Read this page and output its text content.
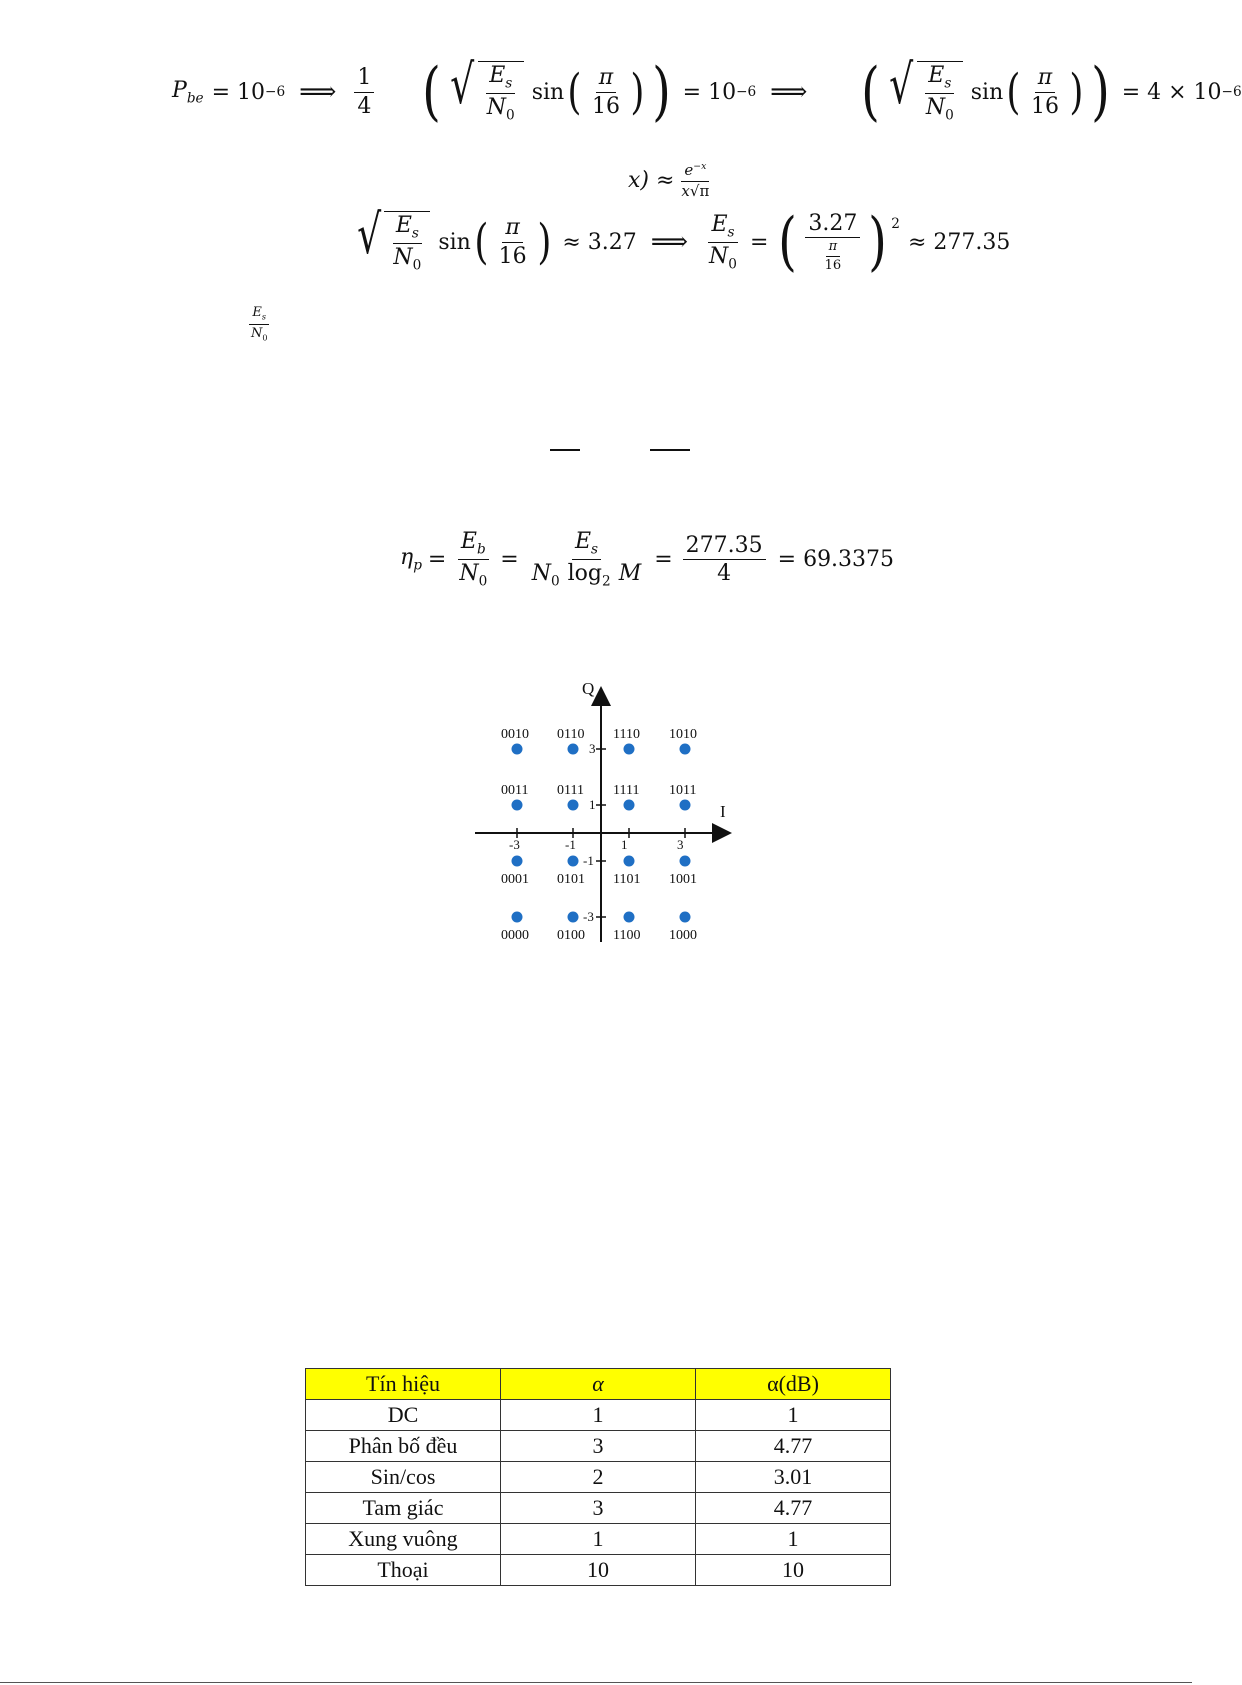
$P_{be} = 10 -6$ ⟹ $\frac{1}{4}$ ( √ $\frac{E_s}{N_0}$ sin ( $\frac{\pi}{16}$ ) ) = 10 −6 ⟹ ( √ $\frac{E_s}{N_0}$ sin ( $\frac{\pi}{16}$ ) ) = 4 × 10 −6
$x) \approx \frac{e^{-x}}{x√\pi}$
√ $\frac{E_s}{N_0}$ sin ( $\frac{\pi}{16}$ ) ≈ 3.27 ⟹ $\frac{E_s}{N_0}$ = ( $\frac{3.27}{\frac{\pi}{16}}$ ) $^2$
≈ 277.35
$\frac{E_s}{N_0}$
$\eta_p = \frac{E_b}{N_0} = \frac{E_s}{N_0 \log_2 M} = \frac{277.35}{4} = 69.3375$
Q
I
-3	-1	1	3
3
1
-1
-3
0010 0110 1110 1010
0011 0111 1111 1011
0001 0101 1101 1001
0000 0100 1100 1000
Tín hiệu	α	α(dB)
DC	1	1
Phân bố đều	3	4.77
Sin/cos	2	3.01
Tam giác	3	4.77
Xung vuông	1	1
Thoại	10	10
